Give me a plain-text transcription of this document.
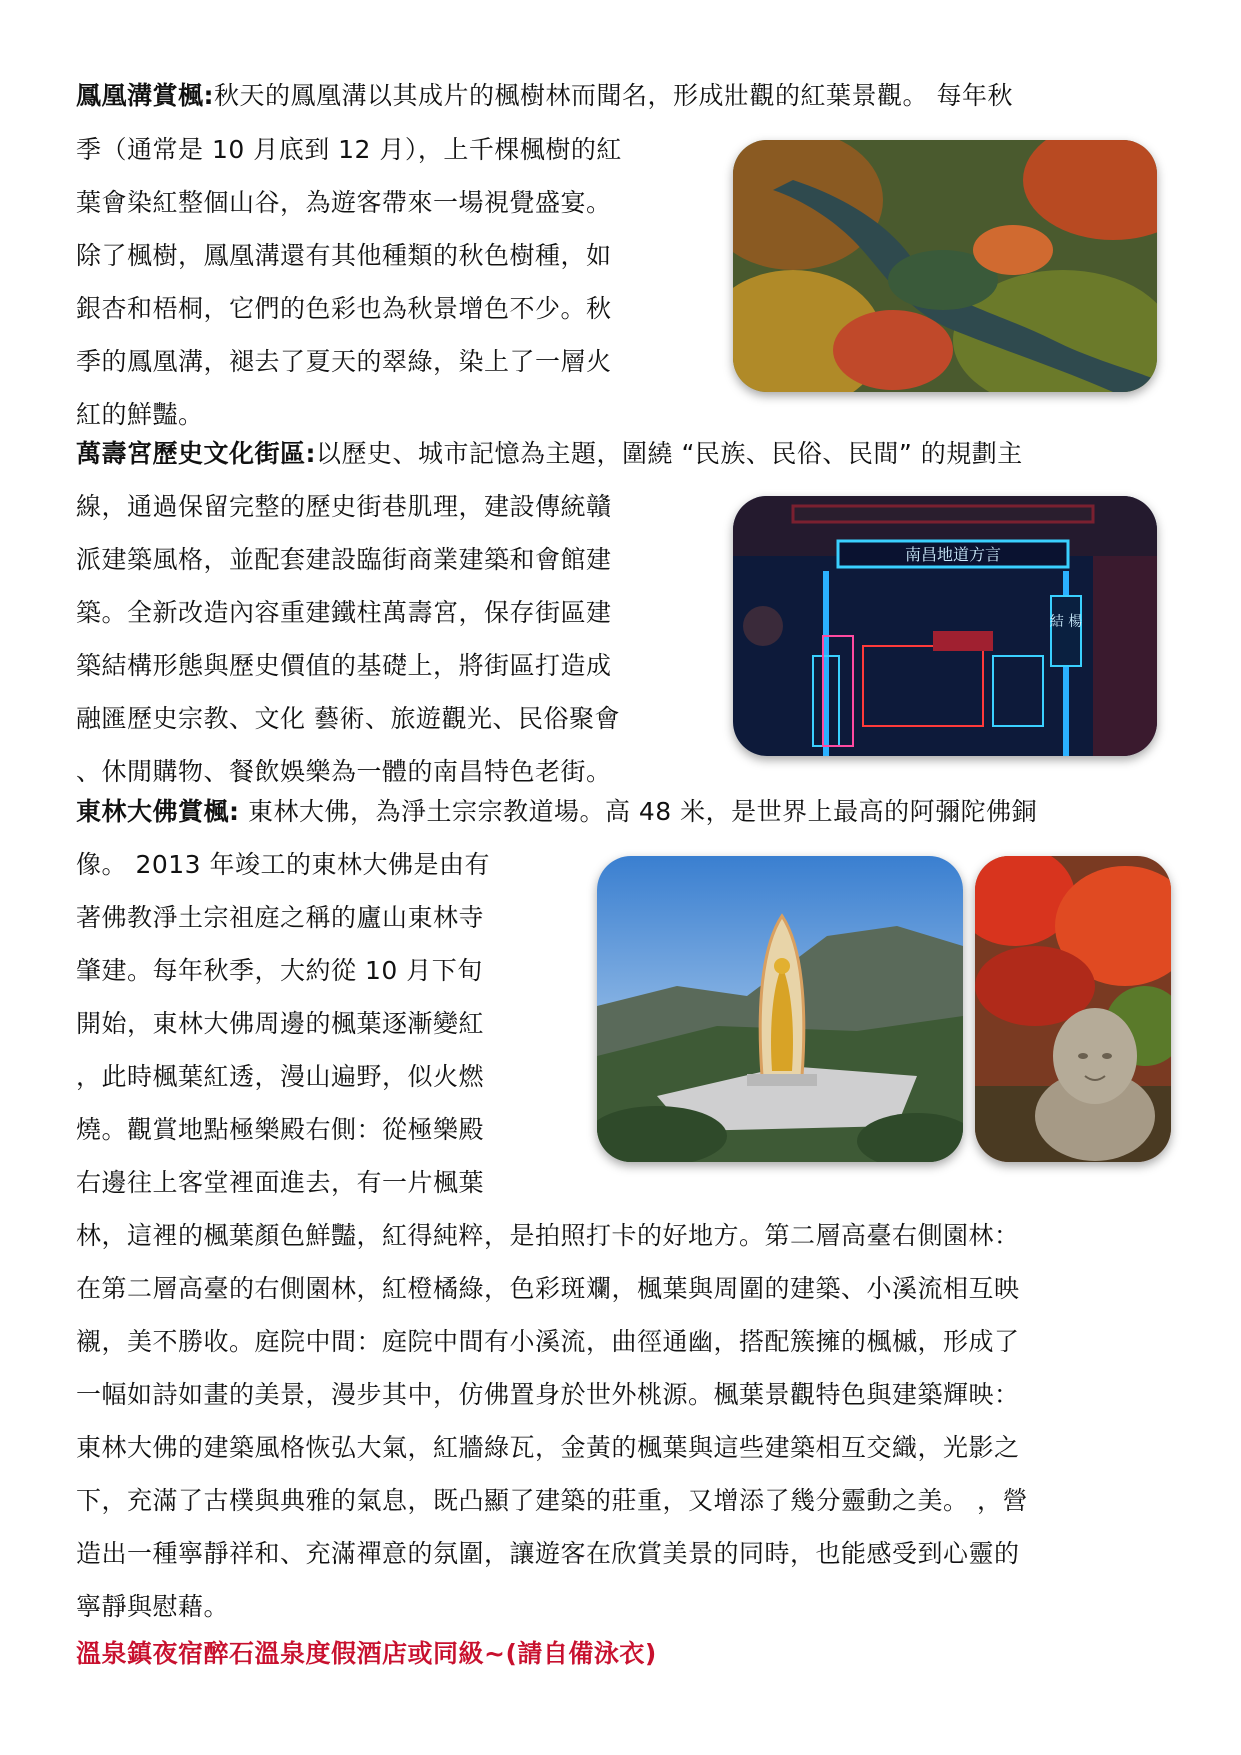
鳳凰溝賞楓:秋天的鳳凰溝以其成片的楓樹林而聞名，形成壯觀的紅葉景觀。 每年秋
季（通常是 10 月底到 12 月），上千棵楓樹的紅
葉會染紅整個山谷，為遊客帶來一場視覺盛宴。
除了楓樹，鳳凰溝還有其他種類的秋色樹種，如
銀杏和梧桐，它們的色彩也為秋景增色不少。秋
季的鳳凰溝，褪去了夏天的翠綠，染上了一層火
紅的鮮豔。
萬壽宮歷史文化街區:以歷史、城市記憶為主題，圍繞 “民族、民俗、民間” 的規劃主
線，通過保留完整的歷史街巷肌理，建設傳統贛
派建築風格，並配套建設臨街商業建築和會館建
築。全新改造內容重建鐵柱萬壽宮，保存街區建
築結構形態與歷史價值的基礎上，將街區打造成
融匯歷史宗教、文化 藝術、旅遊觀光、民俗聚會
、休閒購物、餐飲娛樂為一體的南昌特色老街。
南昌地道方言
結 楊
東林大佛賞楓: 東林大佛，為淨土宗宗教道場。高 48 米，是世界上最高的阿彌陀佛銅
像。 2013 年竣工的東林大佛是由有
著佛教淨土宗祖庭之稱的廬山東林寺
肇建。每年秋季，大約從 10 月下旬
開始，東林大佛周邊的楓葉逐漸變紅
，此時楓葉紅透，漫山遍野，似火燃
燒。觀賞地點極樂殿右側：從極樂殿
右邊往上客堂裡面進去，有一片楓葉
林，這裡的楓葉顏色鮮豔，紅得純粹，是拍照打卡的好地方。第二層高臺右側園林：
在第二層高臺的右側園林，紅橙橘綠，色彩斑斕，楓葉與周圍的建築、小溪流相互映
襯，美不勝收。庭院中間：庭院中間有小溪流，曲徑通幽，搭配簇擁的楓槭，形成了
一幅如詩如畫的美景，漫步其中，仿佛置身於世外桃源。楓葉景觀特色與建築輝映：
東林大佛的建築風格恢弘大氣，紅牆綠瓦，金黃的楓葉與這些建築相互交織，光影之
下，充滿了古樸與典雅的氣息，既凸顯了建築的莊重，又增添了幾分靈動之美。 ，營
造出一種寧靜祥和、充滿禪意的氛圍，讓遊客在欣賞美景的同時，也能感受到心靈的
寧靜與慰藉。
溫泉鎮夜宿醉石溫泉度假酒店或同級~(請自備泳衣)
